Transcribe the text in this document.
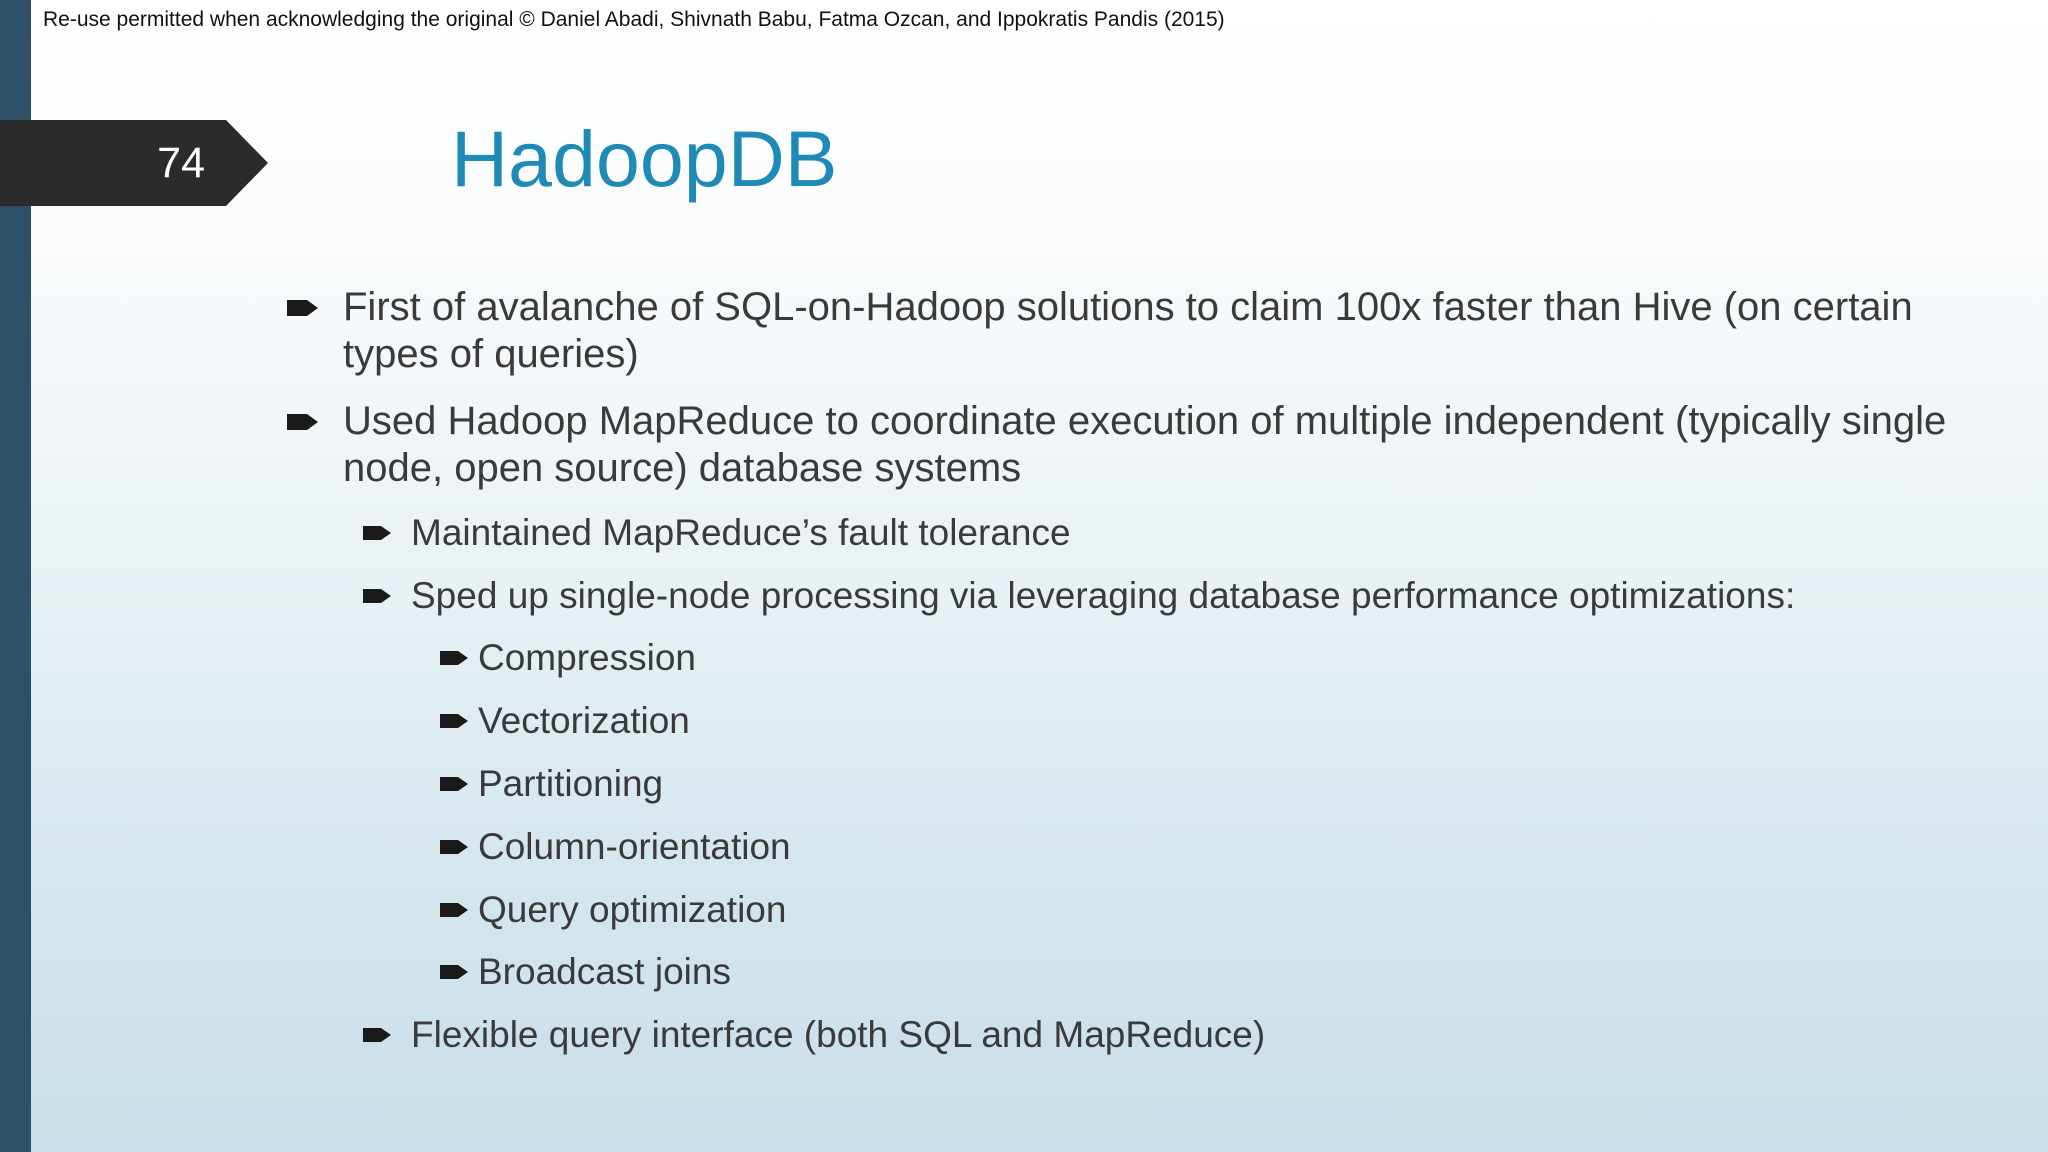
Re-use permitted when acknowledging the original © Daniel Abadi, Shivnath Babu, Fatma Ozcan, and Ippokratis Pandis (2015)
74	HadoopDB
First of avalanche of SQL-on-Hadoop solutions to claim 100x faster than Hive (on certain types of queries)
Used Hadoop MapReduce to coordinate execution of multiple independent (typically single node, open source) database systems
Maintained MapReduce’s fault tolerance
Sped up single-node processing via leveraging database performance optimizations:
Compression
Vectorization
Partitioning
Column-orientation
Query optimization
Broadcast joins
Flexible query interface (both SQL and MapReduce)
